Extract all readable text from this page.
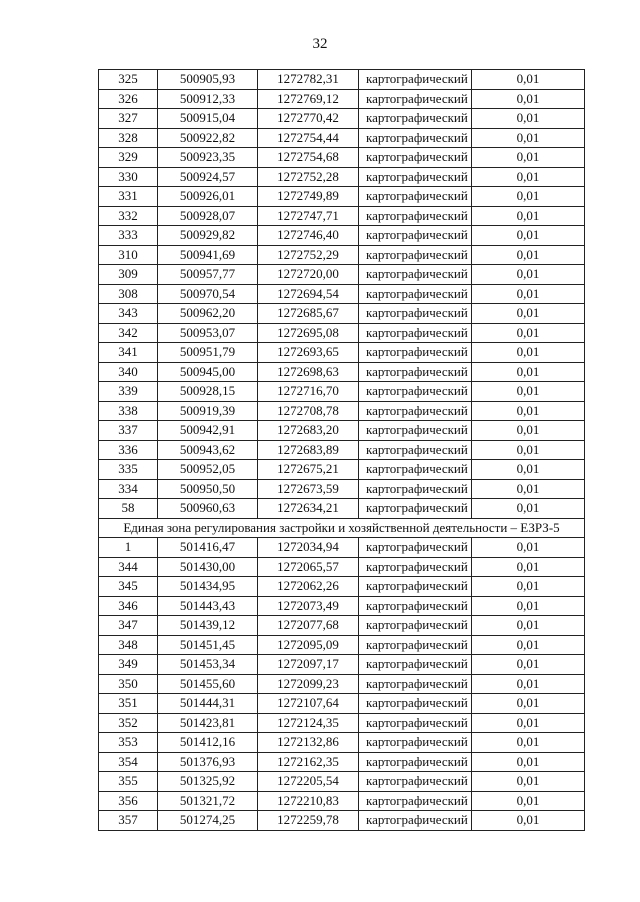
32
325	500905,93	1272782,31	картографический	0,01
326	500912,33	1272769,12	картографический	0,01
327	500915,04	1272770,42	картографический	0,01
328	500922,82	1272754,44	картографический	0,01
329	500923,35	1272754,68	картографический	0,01
330	500924,57	1272752,28	картографический	0,01
331	500926,01	1272749,89	картографический	0,01
332	500928,07	1272747,71	картографический	0,01
333	500929,82	1272746,40	картографический	0,01
310	500941,69	1272752,29	картографический	0,01
309	500957,77	1272720,00	картографический	0,01
308	500970,54	1272694,54	картографический	0,01
343	500962,20	1272685,67	картографический	0,01
342	500953,07	1272695,08	картографический	0,01
341	500951,79	1272693,65	картографический	0,01
340	500945,00	1272698,63	картографический	0,01
339	500928,15	1272716,70	картографический	0,01
338	500919,39	1272708,78	картографический	0,01
337	500942,91	1272683,20	картографический	0,01
336	500943,62	1272683,89	картографический	0,01
335	500952,05	1272675,21	картографический	0,01
334	500950,50	1272673,59	картографический	0,01
58	500960,63	1272634,21	картографический	0,01
Единая зона регулирования застройки и хозяйственной деятельности – ЕЗРЗ-5				
1	501416,47	1272034,94	картографический	0,01
344	501430,00	1272065,57	картографический	0,01
345	501434,95	1272062,26	картографический	0,01
346	501443,43	1272073,49	картографический	0,01
347	501439,12	1272077,68	картографический	0,01
348	501451,45	1272095,09	картографический	0,01
349	501453,34	1272097,17	картографический	0,01
350	501455,60	1272099,23	картографический	0,01
351	501444,31	1272107,64	картографический	0,01
352	501423,81	1272124,35	картографический	0,01
353	501412,16	1272132,86	картографический	0,01
354	501376,93	1272162,35	картографический	0,01
355	501325,92	1272205,54	картографический	0,01
356	501321,72	1272210,83	картографический	0,01
357	501274,25	1272259,78	картографический	0,01
